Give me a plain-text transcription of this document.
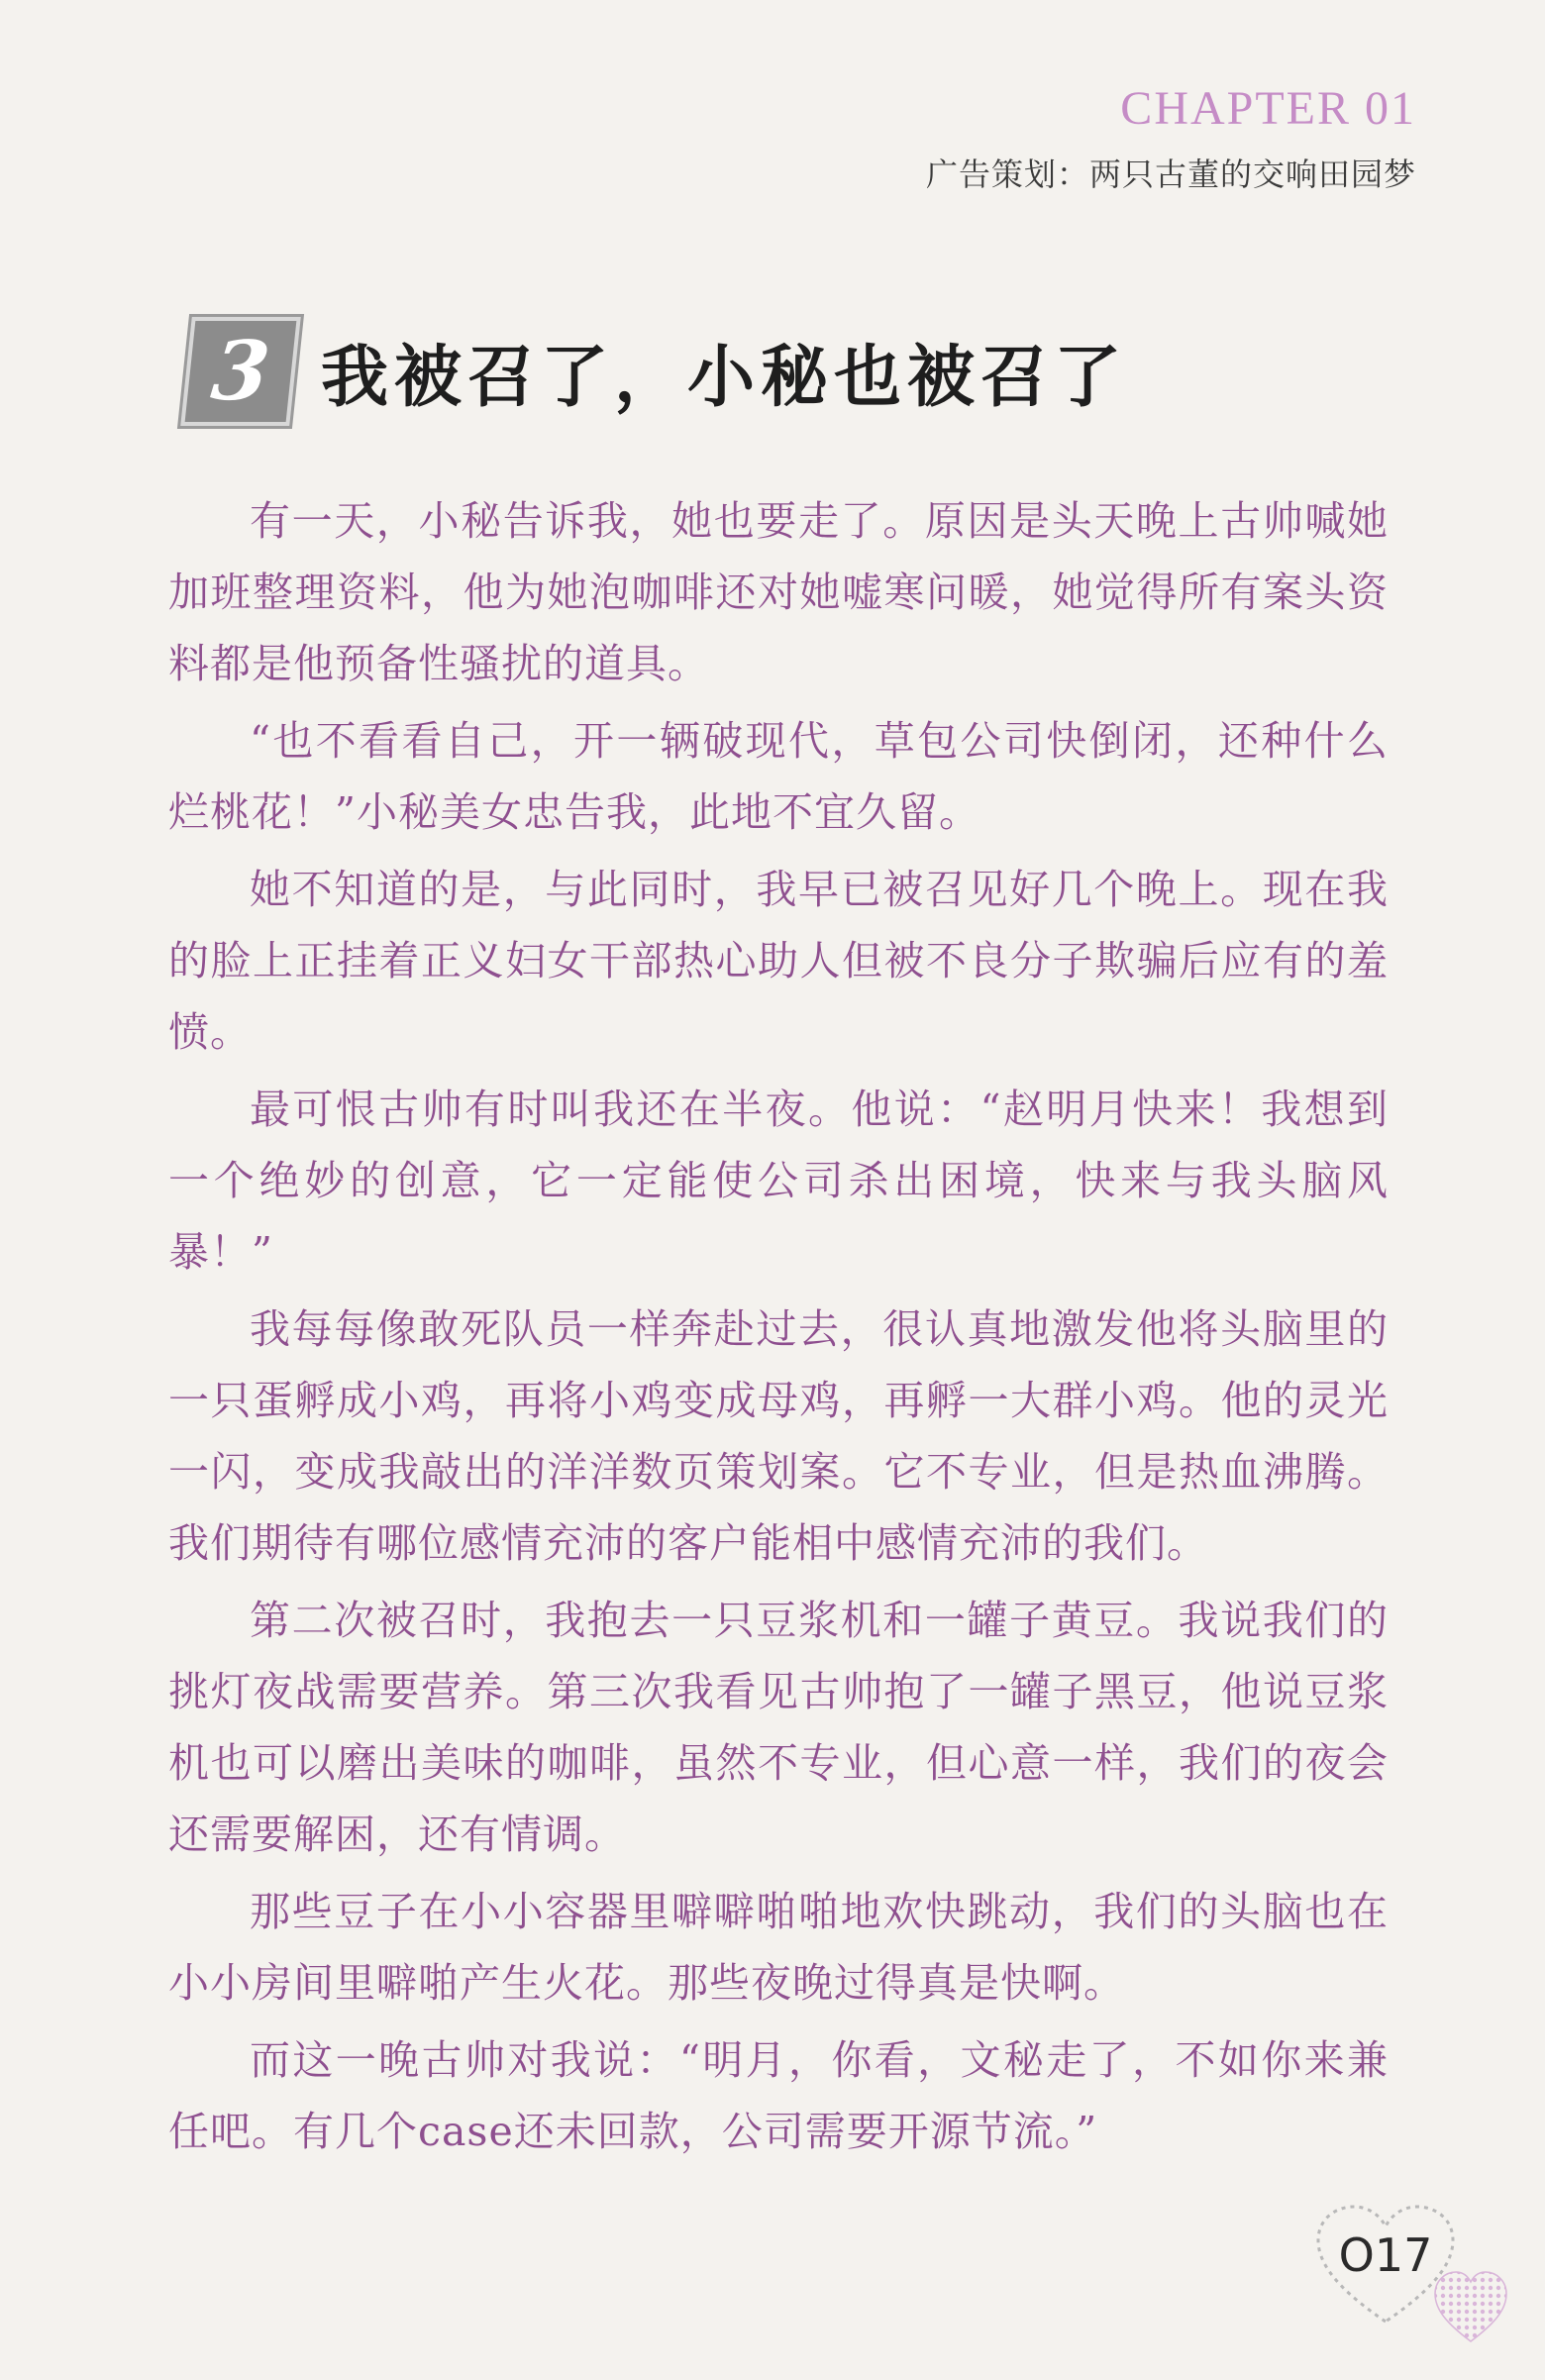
CHAPTER 01
广告策划：两只古董的交响田园梦
3 我被召了，小秘也被召了

有一天，小秘告诉我，她也要走了。原因是头天晚上古帅喊她加班整理资料，他为她泡咖啡还对她嘘寒问暖，她觉得所有案头资料都是他预备性骚扰的道具。

“也不看看自己，开一辆破现代，草包公司快倒闭，还种什么烂桃花！”小秘美女忠告我，此地不宜久留。

她不知道的是，与此同时，我早已被召见好几个晚上。现在我的脸上正挂着正义妇女干部热心助人但被不良分子欺骗后应有的羞愤。

最可恨古帅有时叫我还在半夜。他说：“赵明月快来！我想到一个绝妙的创意，它一定能使公司杀出困境，快来与我头脑风暴！”

我每每像敢死队员一样奔赴过去，很认真地激发他将头脑里的一只蛋孵成小鸡，再将小鸡变成母鸡，再孵一大群小鸡。他的灵光一闪，变成我敲出的洋洋数页策划案。它不专业，但是热血沸腾。我们期待有哪位感情充沛的客户能相中感情充沛的我们。

第二次被召时，我抱去一只豆浆机和一罐子黄豆。我说我们的挑灯夜战需要营养。第三次我看见古帅抱了一罐子黑豆，他说豆浆机也可以磨出美味的咖啡，虽然不专业，但心意一样，我们的夜会还需要解困，还有情调。

那些豆子在小小容器里噼噼啪啪地欢快跳动，我们的头脑也在小小房间里噼啪产生火花。那些夜晚过得真是快啊。

而这一晚古帅对我说：“明月，你看，文秘走了，不如你来兼任吧。有几个case还未回款，公司需要开源节流。”

O17
